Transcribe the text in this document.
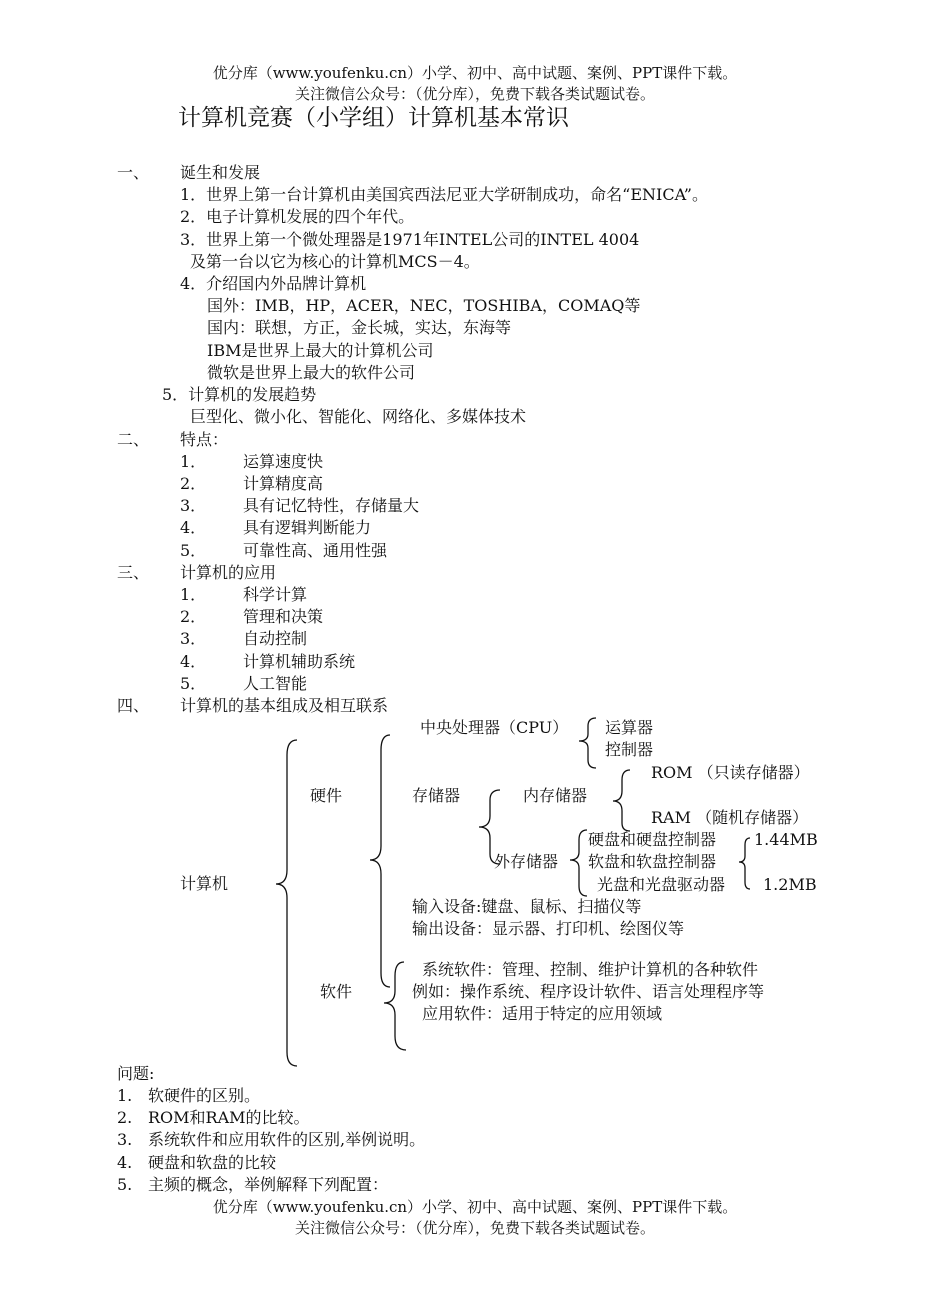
优分库（www.youfenku.cn）小学、初中、高中试题、案例、PPT课件下载。
关注微信公众号：（优分库），免费下载各类试题试卷。
计算机竞赛（小学组）计算机基本常识
一、 诞生和发展
1．世界上第一台计算机由美国宾西法尼亚大学研制成功，命名“ENICA”。
2．电子计算机发展的四个年代。
3．世界上第一个微处理器是1971年INTEL公司的INTEL 4004
及第一台以它为核心的计算机MCS－4。
4．介绍国内外品牌计算机
国外：IMB，HP，ACER，NEC，TOSHIBA，COMAQ等
国内：联想，方正，金长城，实达，东海等
IBM是世界上最大的计算机公司
微软是世界上最大的软件公司
5．计算机的发展趋势
巨型化、微小化、智能化、网络化、多媒体技术
二、 特点：
1． 运算速度快
2． 计算精度高
3． 具有记忆特性，存储量大
4． 具有逻辑判断能力
5． 可靠性高、通用性强
三、 计算机的应用
1． 科学计算
2． 管理和决策
3． 自动控制
4． 计算机辅助系统
5． 人工智能
四、 计算机的基本组成及相互联系
计算机
硬件
软件
中央处理器（CPU） 运算器
控制器
存储器	内存储器
ROM （只读存储器）
RAM （随机存储器）
外存储器
硬盘和硬盘控制器
软盘和软盘控制器
光盘和光盘驱动器
1.44MB
1.2MB
输入设备:键盘、鼠标、扫描仪等
输出设备：显示器、打印机、绘图仪等
系统软件：管理、控制、维护计算机的各种软件
例如：操作系统、程序设计软件、语言处理程序等
应用软件：适用于特定的应用领域
问题:
1. 软硬件的区别。
2. ROM和RAM的比较。
3. 系统软件和应用软件的区别,举例说明。
4. 硬盘和软盘的比较
5. 主频的概念，举例解释下列配置：
优分库（www.youfenku.cn）小学、初中、高中试题、案例、PPT课件下载。
关注微信公众号：（优分库），免费下载各类试题试卷。
